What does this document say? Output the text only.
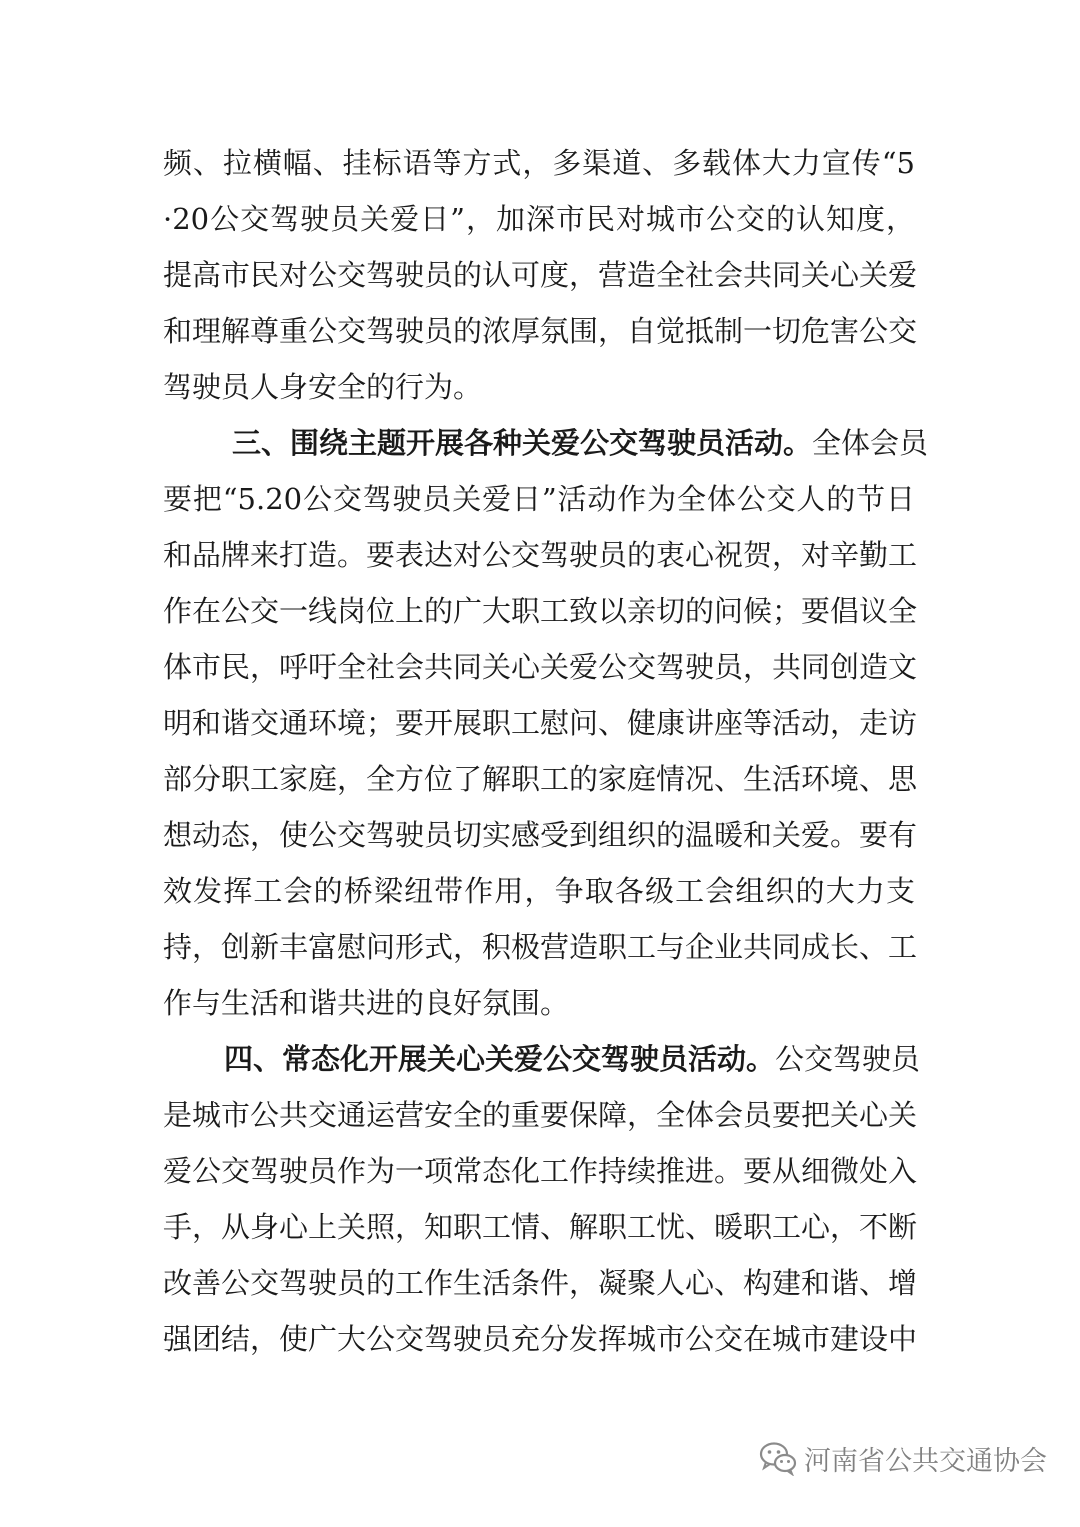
频、拉横幅、挂标语等方式，多渠道、多载体大力宣传“5
·20公交驾驶员关爱日”，加深市民对城市公交的认知度，
提高市民对公交驾驶员的认可度，营造全社会共同关心关爱
和理解尊重公交驾驶员的浓厚氛围，自觉抵制一切危害公交
驾驶员人身安全的行为。
三、围绕主题开展各种关爱公交驾驶员活动。全体会员
要把“5.20公交驾驶员关爱日”活动作为全体公交人的节日
和品牌来打造。要表达对公交驾驶员的衷心祝贺，对辛勤工
作在公交一线岗位上的广大职工致以亲切的问候；要倡议全
体市民，呼吁全社会共同关心关爱公交驾驶员，共同创造文
明和谐交通环境；要开展职工慰问、健康讲座等活动，走访
部分职工家庭，全方位了解职工的家庭情况、生活环境、思
想动态，使公交驾驶员切实感受到组织的温暖和关爱。要有
效发挥工会的桥梁纽带作用，争取各级工会组织的大力支
持，创新丰富慰问形式，积极营造职工与企业共同成长、工
作与生活和谐共进的良好氛围。
四、常态化开展关心关爱公交驾驶员活动。公交驾驶员
是城市公共交通运营安全的重要保障，全体会员要把关心关
爱公交驾驶员作为一项常态化工作持续推进。要从细微处入
手，从身心上关照，知职工情、解职工忧、暖职工心，不断
改善公交驾驶员的工作生活条件，凝聚人心、构建和谐、增
强团结，使广大公交驾驶员充分发挥城市公交在城市建设中
河南省公共交通协会
